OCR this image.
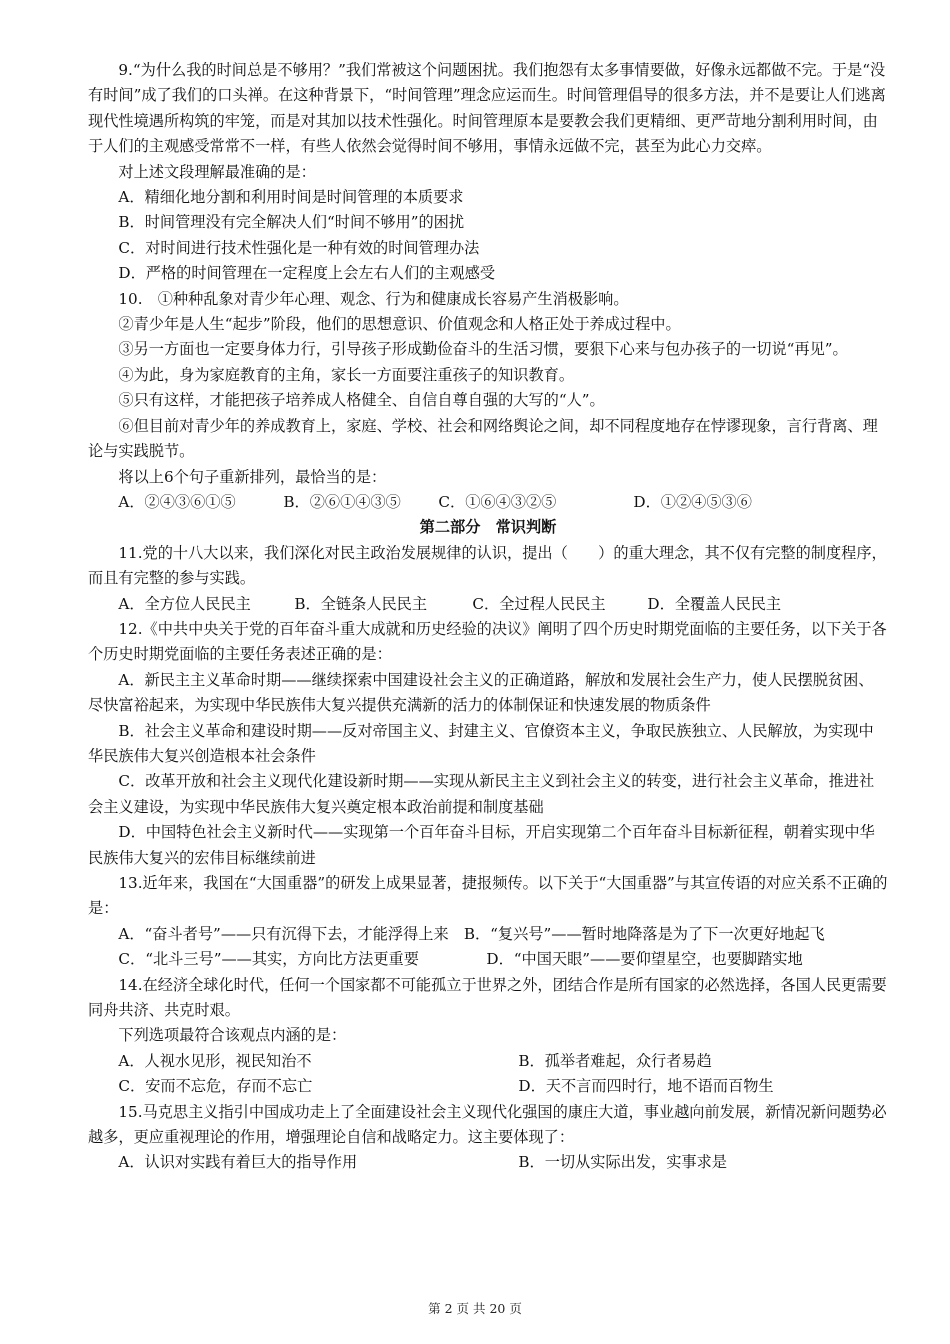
9.“为什么我的时间总是不够用？”我们常被这个问题困扰。我们抱怨有太多事情要做，好像永远都做不完。于是“没有时间”成了我们的口头禅。在这种背景下，“时间管理”理念应运而生。时间管理倡导的很多方法，并不是要让人们逃离现代性境遇所构筑的牢笼，而是对其加以技术性强化。时间管理原本是要教会我们更精细、更严苛地分割利用时间，由于人们的主观感受常常不一样，有些人依然会觉得时间不够用，事情永远做不完，甚至为此心力交瘁。

对上述文段理解最准确的是：

A．精细化地分割和利用时间是时间管理的本质要求

B．时间管理没有完全解决人们“时间不够用”的困扰

C．对时间进行技术性强化是一种有效的时间管理办法

D．严格的时间管理在一定程度上会左右人们的主观感受

10.　①种种乱象对青少年心理、观念、行为和健康成长容易产生消极影响。

②青少年是人生“起步”阶段，他们的思想意识、价值观念和人格正处于养成过程中。

③另一方面也一定要身体力行，引导孩子形成勤俭奋斗的生活习惯，要狠下心来与包办孩子的一切说“再见”。

④为此，身为家庭教育的主角，家长一方面要注重孩子的知识教育。

⑤只有这样，才能把孩子培养成人格健全、自信自尊自强的大写的“人”。

⑥但目前对青少年的养成教育上，家庭、学校、社会和网络舆论之间，却不同程度地存在悖谬现象，言行背离、理论与实践脱节。

将以上6个句子重新排列，最恰当的是：

A．②④③⑥①⑤	B．②⑥①④③⑤	C．①⑥④③②⑤	D．①②④⑤③⑥

第二部分　常识判断

11.党的十八大以来，我们深化对民主政治发展规律的认识，提出（　　）的重大理念，其不仅有完整的制度程序，而且有完整的参与实践。

A．全方位人民民主	B．全链条人民民主	C．全过程人民民主	D．全覆盖人民民主

12.《中共中央关于党的百年奋斗重大成就和历史经验的决议》阐明了四个历史时期党面临的主要任务，以下关于各个历史时期党面临的主要任务表述正确的是：

A．新民主主义革命时期——继续探索中国建设社会主义的正确道路，解放和发展社会生产力，使人民摆脱贫困、尽快富裕起来，为实现中华民族伟大复兴提供充满新的活力的体制保证和快速发展的物质条件

B．社会主义革命和建设时期——反对帝国主义、封建主义、官僚资本主义，争取民族独立、人民解放，为实现中华民族伟大复兴创造根本社会条件

C．改革开放和社会主义现代化建设新时期——实现从新民主主义到社会主义的转变，进行社会主义革命，推进社会主义建设，为实现中华民族伟大复兴奠定根本政治前提和制度基础

D．中国特色社会主义新时代——实现第一个百年奋斗目标，开启实现第二个百年奋斗目标新征程，朝着实现中华民族伟大复兴的宏伟目标继续前进

13.近年来，我国在“大国重器”的研发上成果显著，捷报频传。以下关于“大国重器”与其宣传语的对应关系不正确的是：

A．“奋斗者号”——只有沉得下去，才能浮得上来　B．“复兴号”——暂时地降落是为了下一次更好地起飞

C．“北斗三号”——其实，方向比方法更重要	D．“中国天眼”——要仰望星空，也要脚踏实地

14.在经济全球化时代，任何一个国家都不可能孤立于世界之外，团结合作是所有国家的必然选择，各国人民更需要同舟共济、共克时艰。

下列选项最符合该观点内涵的是：

A．人视水见形，视民知治不	B．孤举者难起，众行者易趋

C．安而不忘危，存而不忘亡	D．天不言而四时行，地不语而百物生

15.马克思主义指引中国成功走上了全面建设社会主义现代化强国的康庄大道，事业越向前发展，新情况新问题势必越多，更应重视理论的作用，增强理论自信和战略定力。这主要体现了：

A．认识对实践有着巨大的指导作用	B．一切从实际出发，实事求是

第 2 页 共 20 页
